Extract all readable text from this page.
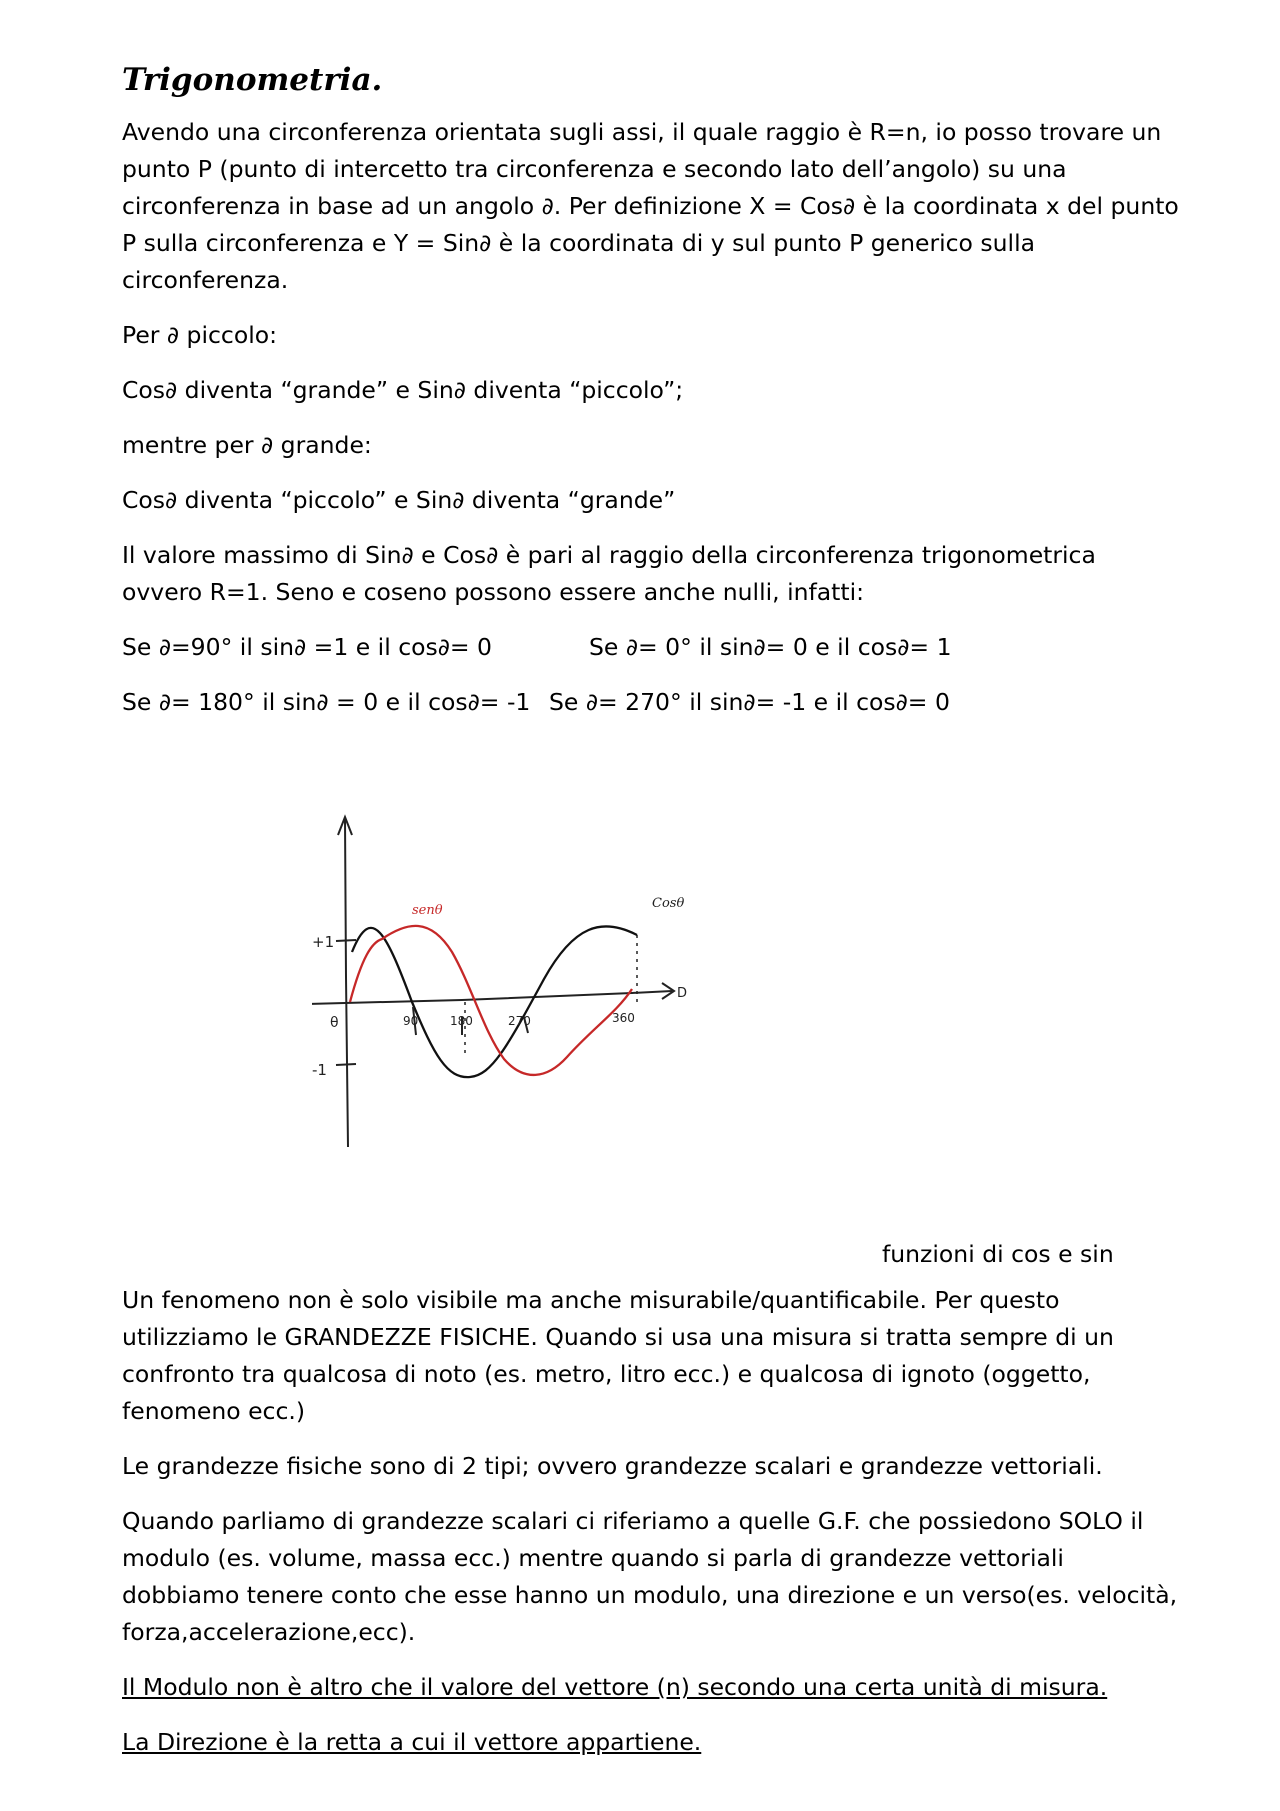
Trigonometria.

Avendo una circonferenza orientata sugli assi, il quale raggio è R=n, io posso trovare un punto P (punto di intercetto tra circonferenza e secondo lato dell’angolo) su una circonferenza in base ad un angolo ∂. Per definizione X = Cos∂ è la coordinata x del punto P sulla circonferenza e Y = Sin∂ è la coordinata di y sul punto P generico sulla circonferenza.

Per ∂ piccolo:

Cos∂ diventa “grande” e Sin∂ diventa “piccolo”;

mentre per ∂ grande:

Cos∂ diventa “piccolo” e Sin∂ diventa “grande”

Il valore massimo di Sin∂ e Cos∂ è pari al raggio della circonferenza trigonometrica ovvero R=1. Seno e coseno possono essere anche nulli, infatti:

Se ∂=90° il sin∂ =1 e il cos∂= 0	Se ∂= 0° il sin∂= 0 e il cos∂= 1
Se ∂= 180° il sin∂ = 0 e il cos∂= -1 Se ∂= 270° il sin∂= -1 e il cos∂= 0
+1
-1
θ
senθ	Cosθ
D
90	180	270	360
funzioni di cos e sin

Un fenomeno non è solo visibile ma anche misurabile/quantificabile. Per questo utilizziamo le GRANDEZZE FISICHE. Quando si usa una misura si tratta sempre di un confronto tra qualcosa di noto (es. metro, litro ecc.) e qualcosa di ignoto (oggetto, fenomeno ecc.)

Le grandezze fisiche sono di 2 tipi; ovvero grandezze scalari e grandezze vettoriali.

Quando parliamo di grandezze scalari ci riferiamo a quelle G.F. che possiedono SOLO il modulo (es. volume, massa ecc.) mentre quando si parla di grandezze vettoriali dobbiamo tenere conto che esse hanno un modulo, una direzione e un verso(es. velocità, forza,accelerazione,ecc).

Il Modulo non è altro che il valore del vettore (n) secondo una certa unità di misura.

La Direzione è la retta a cui il vettore appartiene.
